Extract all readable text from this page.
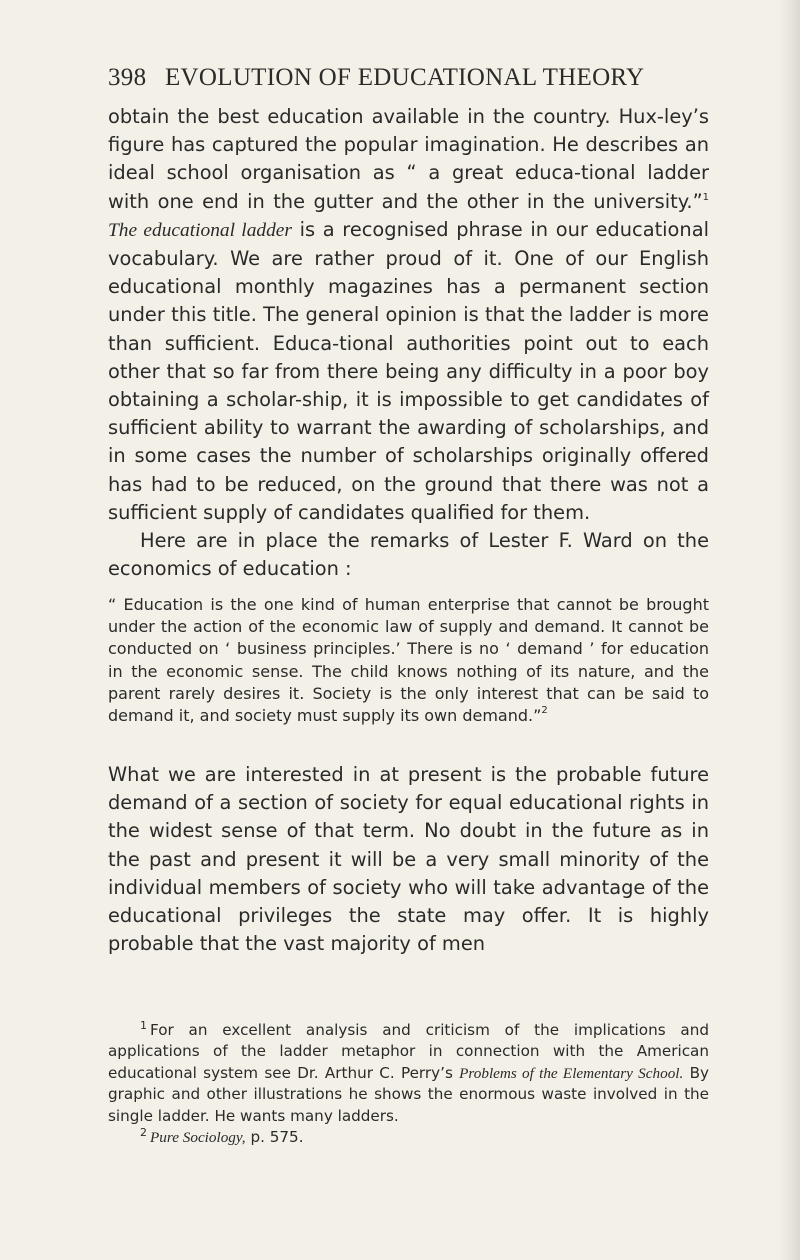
398 EVOLUTION OF EDUCATIONAL THEORY

obtain the best education available in the country. Hux-ley’s figure has captured the popular imagination. He describes an ideal school organisation as “ a great educa-tional ladder with one end in the gutter and the other in the university.”$^1$ The educational ladder is a recognised phrase in our educational vocabulary. We are rather proud of it. One of our English educational monthly magazines has a permanent section under this title. The general opinion is that the ladder is more than sufficient. Educa-tional authorities point out to each other that so far from there being any difficulty in a poor boy obtaining a scholar-ship, it is impossible to get candidates of sufficient ability to warrant the awarding of scholarships, and in some cases the number of scholarships originally offered has had to be reduced, on the ground that there was not a sufficient supply of candidates qualified for them.

Here are in place the remarks of Lester F. Ward on the economics of education :

“ Education is the one kind of human enterprise that cannot be brought under the action of the economic law of supply and demand. It cannot be conducted on ‘ business principles.’ There is no ‘ demand ’ for education in the economic sense. The child knows nothing of its nature, and the parent rarely desires it. Society is the only interest that can be said to demand it, and society must supply its own demand.”$^2$

What we are interested in at present is the probable future demand of a section of society for equal educational rights in the widest sense of that term. No doubt in the future as in the past and present it will be a very small minority of the individual members of society who will take advantage of the educational privileges the state may offer. It is highly probable that the vast majority of men

$^1$ For an excellent analysis and criticism of the implications and applications of the ladder metaphor in connection with the American educational system see Dr. Arthur C. Perry’s Problems of the Elementary School. By graphic and other illustrations he shows the enormous waste involved in the single ladder. He wants many ladders.

$^2$ Pure Sociology, p. 575.
